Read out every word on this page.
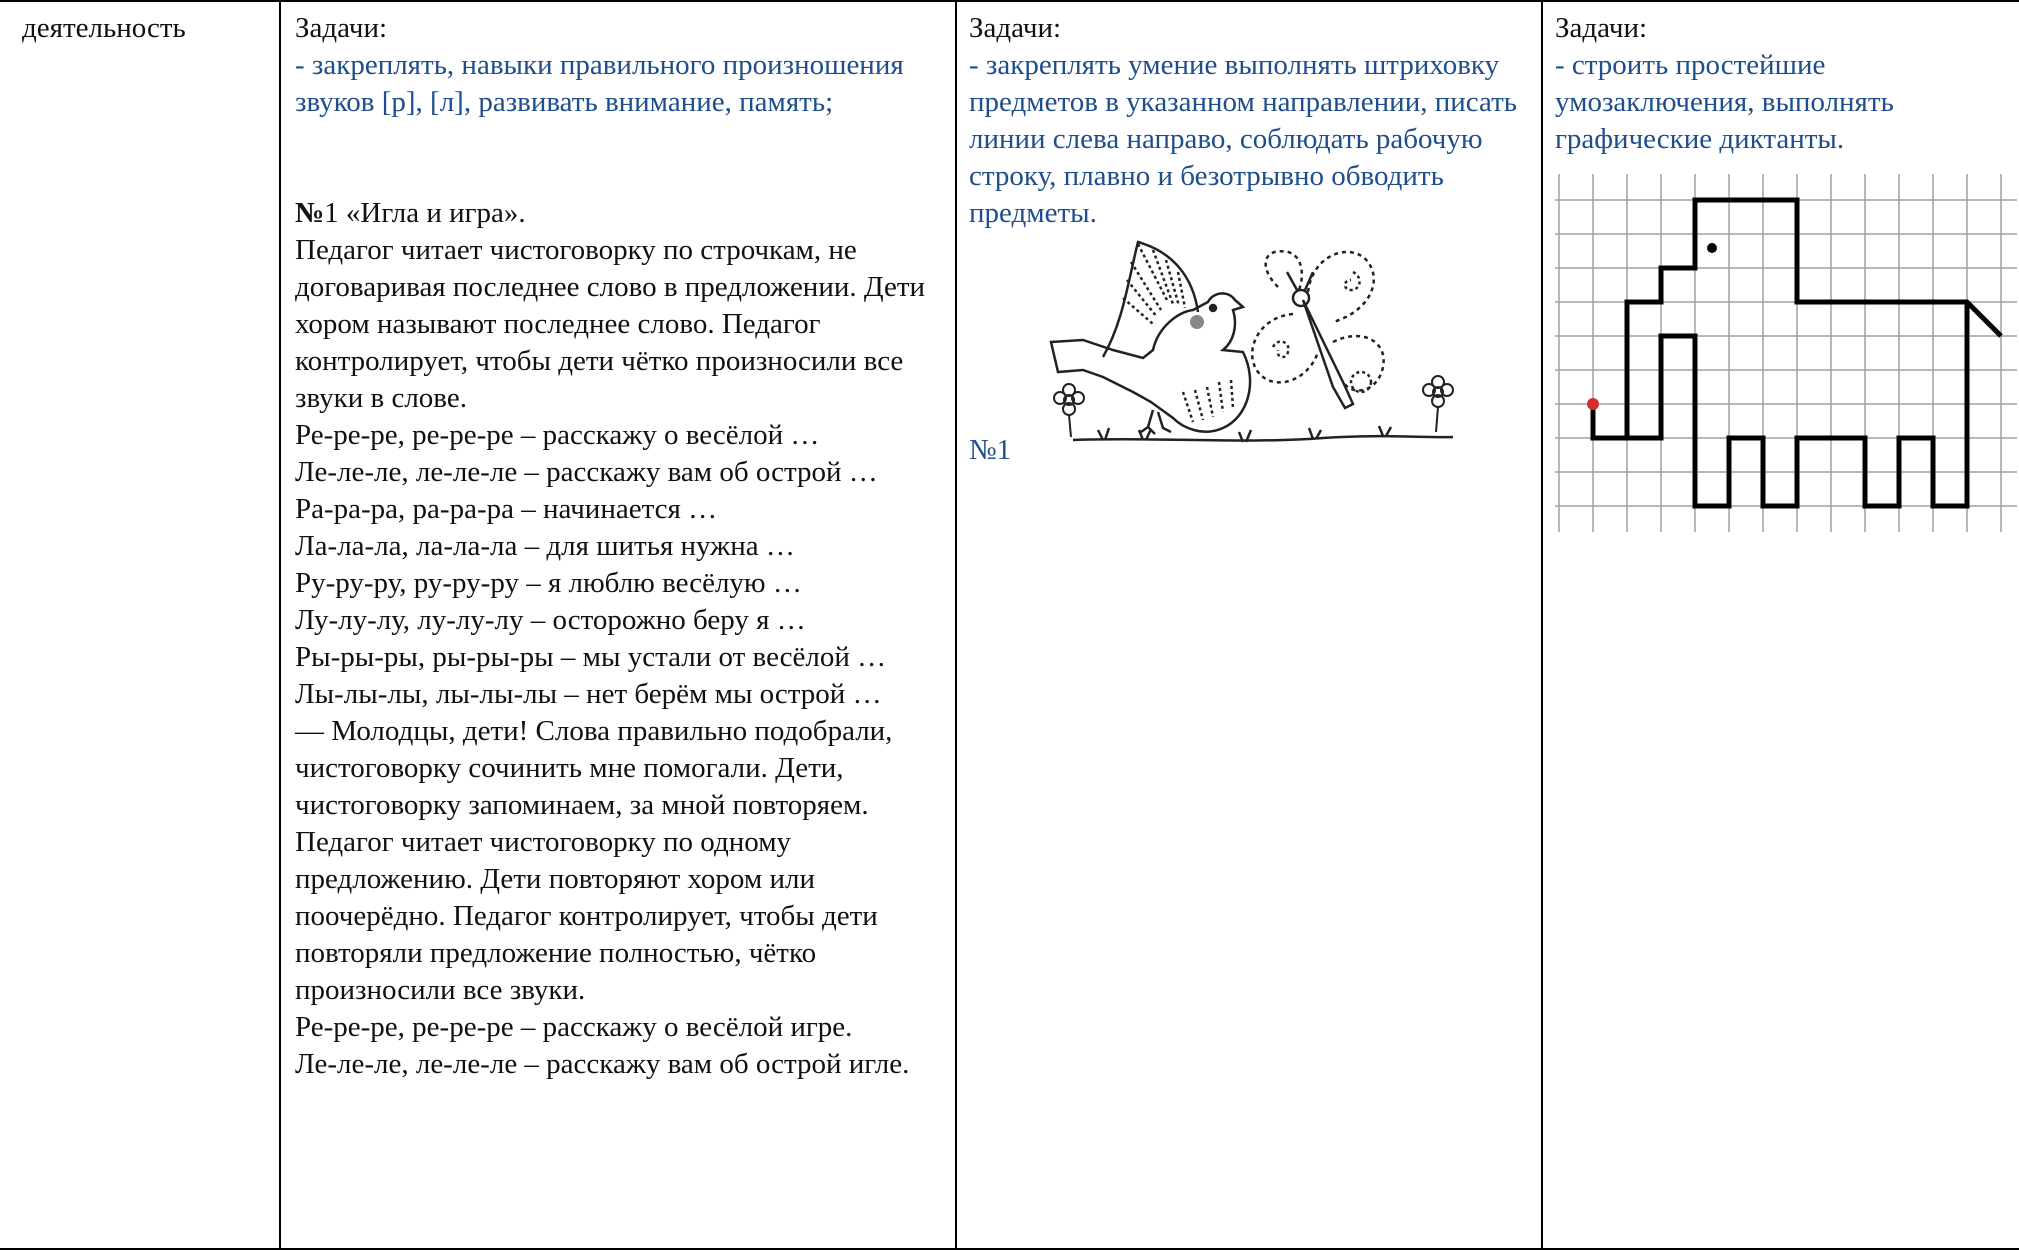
деятельность	Задачи:
- закреплять, навыки правильного произношения звуков [р], [л], развивать внимание, память;

№1 «Игла и игра».

Педагог читает чистоговорку по строчкам, не договаривая последнее слово в предложении. Дети хором называют последнее слово. Педагог контролирует, чтобы дети чётко произносили все звуки в слове.
Ре-ре-ре, ре-ре-ре – расскажу о весёлой …
Ле-ле-ле, ле-ле-ле – расскажу вам об острой …
Ра-ра-ра, ра-ра-ра – начинается …
Ла-ла-ла, ла-ла-ла – для шитья нужна …
Ру-ру-ру, ру-ру-ру – я люблю весёлую …
Лу-лу-лу, лу-лу-лу – осторожно беру я …
Ры-ры-ры, ры-ры-ры – мы устали от весёлой …
Лы-лы-лы, лы-лы-лы – нет берём мы острой …
— Молодцы, дети! Слова правильно подобрали, чистоговорку сочинить мне помогали. Дети, чистоговорку запоминаем, за мной повторяем.
Педагог читает чистоговорку по одному предложению. Дети повторяют хором или поочерёдно. Педагог контролирует, чтобы дети повторяли предложение полностью, чётко произносили все звуки.
Ре-ре-ре, ре-ре-ре – расскажу о весёлой игре.
Ле-ле-ле, ле-ле-ле – расскажу вам об острой игле.
Задачи:
- закреплять умение выполнять штриховку предметов в указанном направлении, писать линии слева направо, соблюдать рабочую строку, плавно и безотрывно обводить предметы.
№1
Задачи:
- строить простейшие умозаключения, выполнять графические диктанты.
